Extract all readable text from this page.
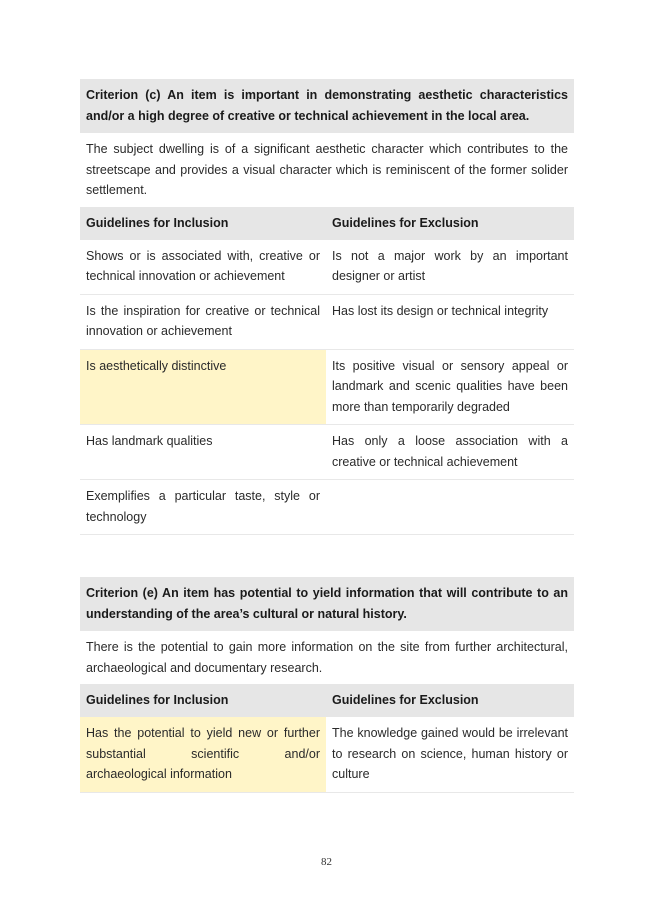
Criterion (c) An item is important in demonstrating aesthetic characteristics and/or a high degree of creative or technical achievement in the local area.
The subject dwelling is of a significant aesthetic character which contributes to the streetscape and provides a visual character which is reminiscent of the former solider settlement.
Guidelines for Inclusion	Guidelines for Exclusion
Shows or is associated with, creative or technical innovation or achievement	Is not a major work by an important designer or artist
Is the inspiration for creative or technical innovation or achievement	Has lost its design or technical integrity
Is aesthetically distinctive	Its positive visual or sensory appeal or landmark and scenic qualities have been more than temporarily degraded
Has landmark qualities	Has only a loose association with a creative or technical achievement
Exemplifies a particular taste, style or technology	
Criterion (e) An item has potential to yield information that will contribute to an understanding of the area’s cultural or natural history.
There is the potential to gain more information on the site from further architectural, archaeological and documentary research.
Guidelines for Inclusion	Guidelines for Exclusion
Has the potential to yield new or further substantial scientific and/or archaeological information	The knowledge gained would be irrelevant to research on science, human history or culture
82
